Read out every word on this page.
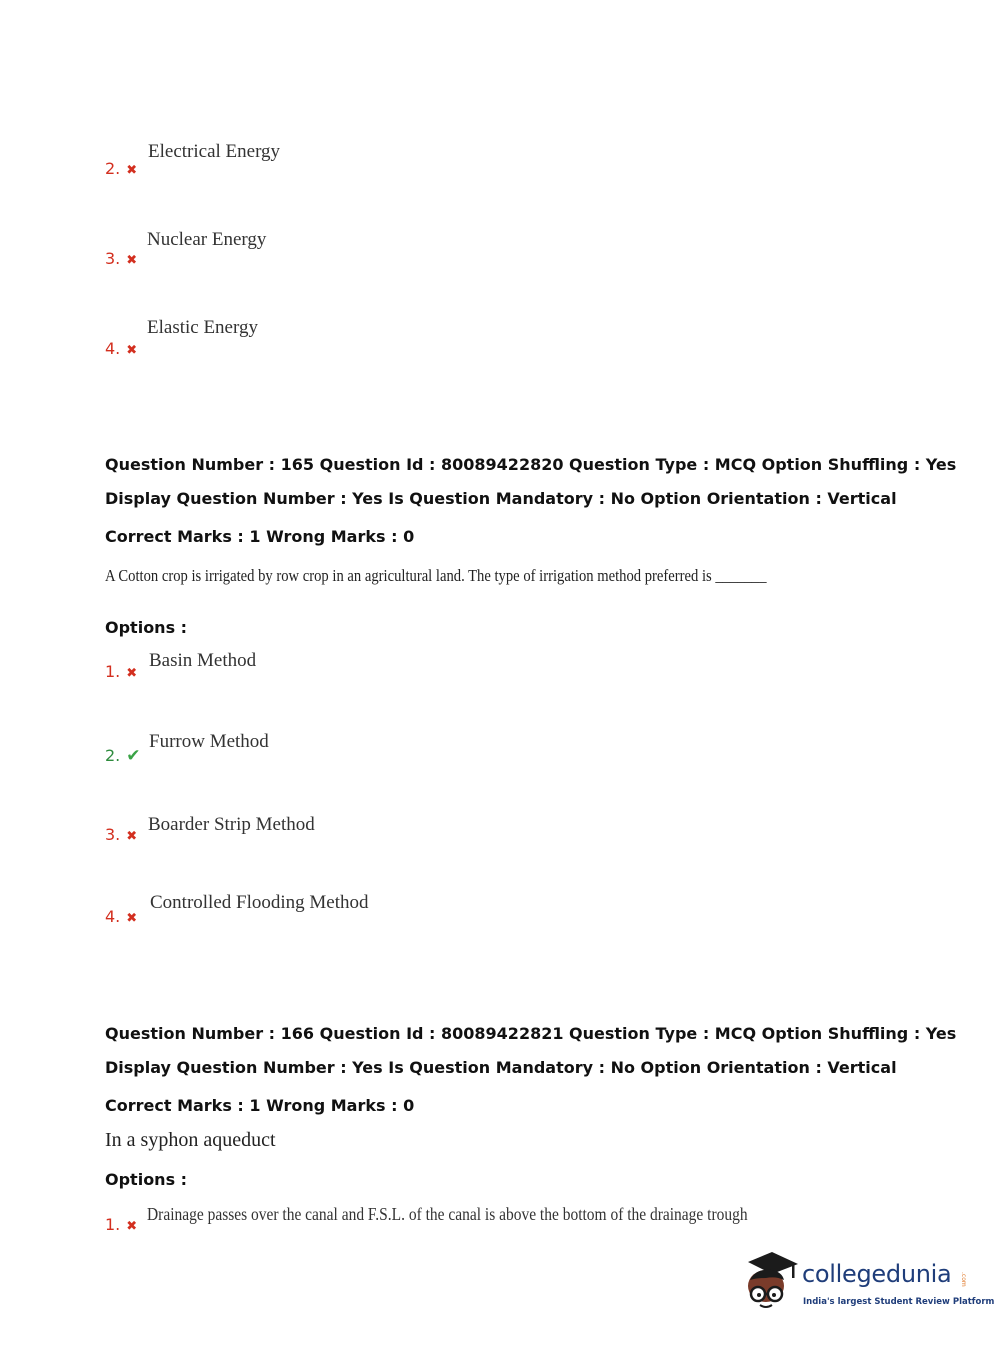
2. ✖
Electrical Energy
3. ✖
Nuclear Energy
4. ✖
Elastic Energy
Question Number : 165 Question Id : 80089422820 Question Type : MCQ Option Shuffling : Yes
Display Question Number : Yes Is Question Mandatory : No Option Orientation : Vertical
Correct Marks : 1 Wrong Marks : 0
A Cotton crop is irrigated by row crop in an agricultural land. The type of irrigation method preferred is _______
Options :
1. ✖
Basin Method
2. ✔
Furrow Method
3. ✖
Boarder Strip Method
4. ✖
Controlled Flooding Method
Question Number : 166 Question Id : 80089422821 Question Type : MCQ Option Shuffling : Yes
Display Question Number : Yes Is Question Mandatory : No Option Orientation : Vertical
Correct Marks : 1 Wrong Marks : 0
In a syphon aqueduct
Options :
1. ✖
Drainage passes over the canal and F.S.L. of the canal is above the bottom of the drainage trough
collegedunia .com
India's largest Student Review Platform
